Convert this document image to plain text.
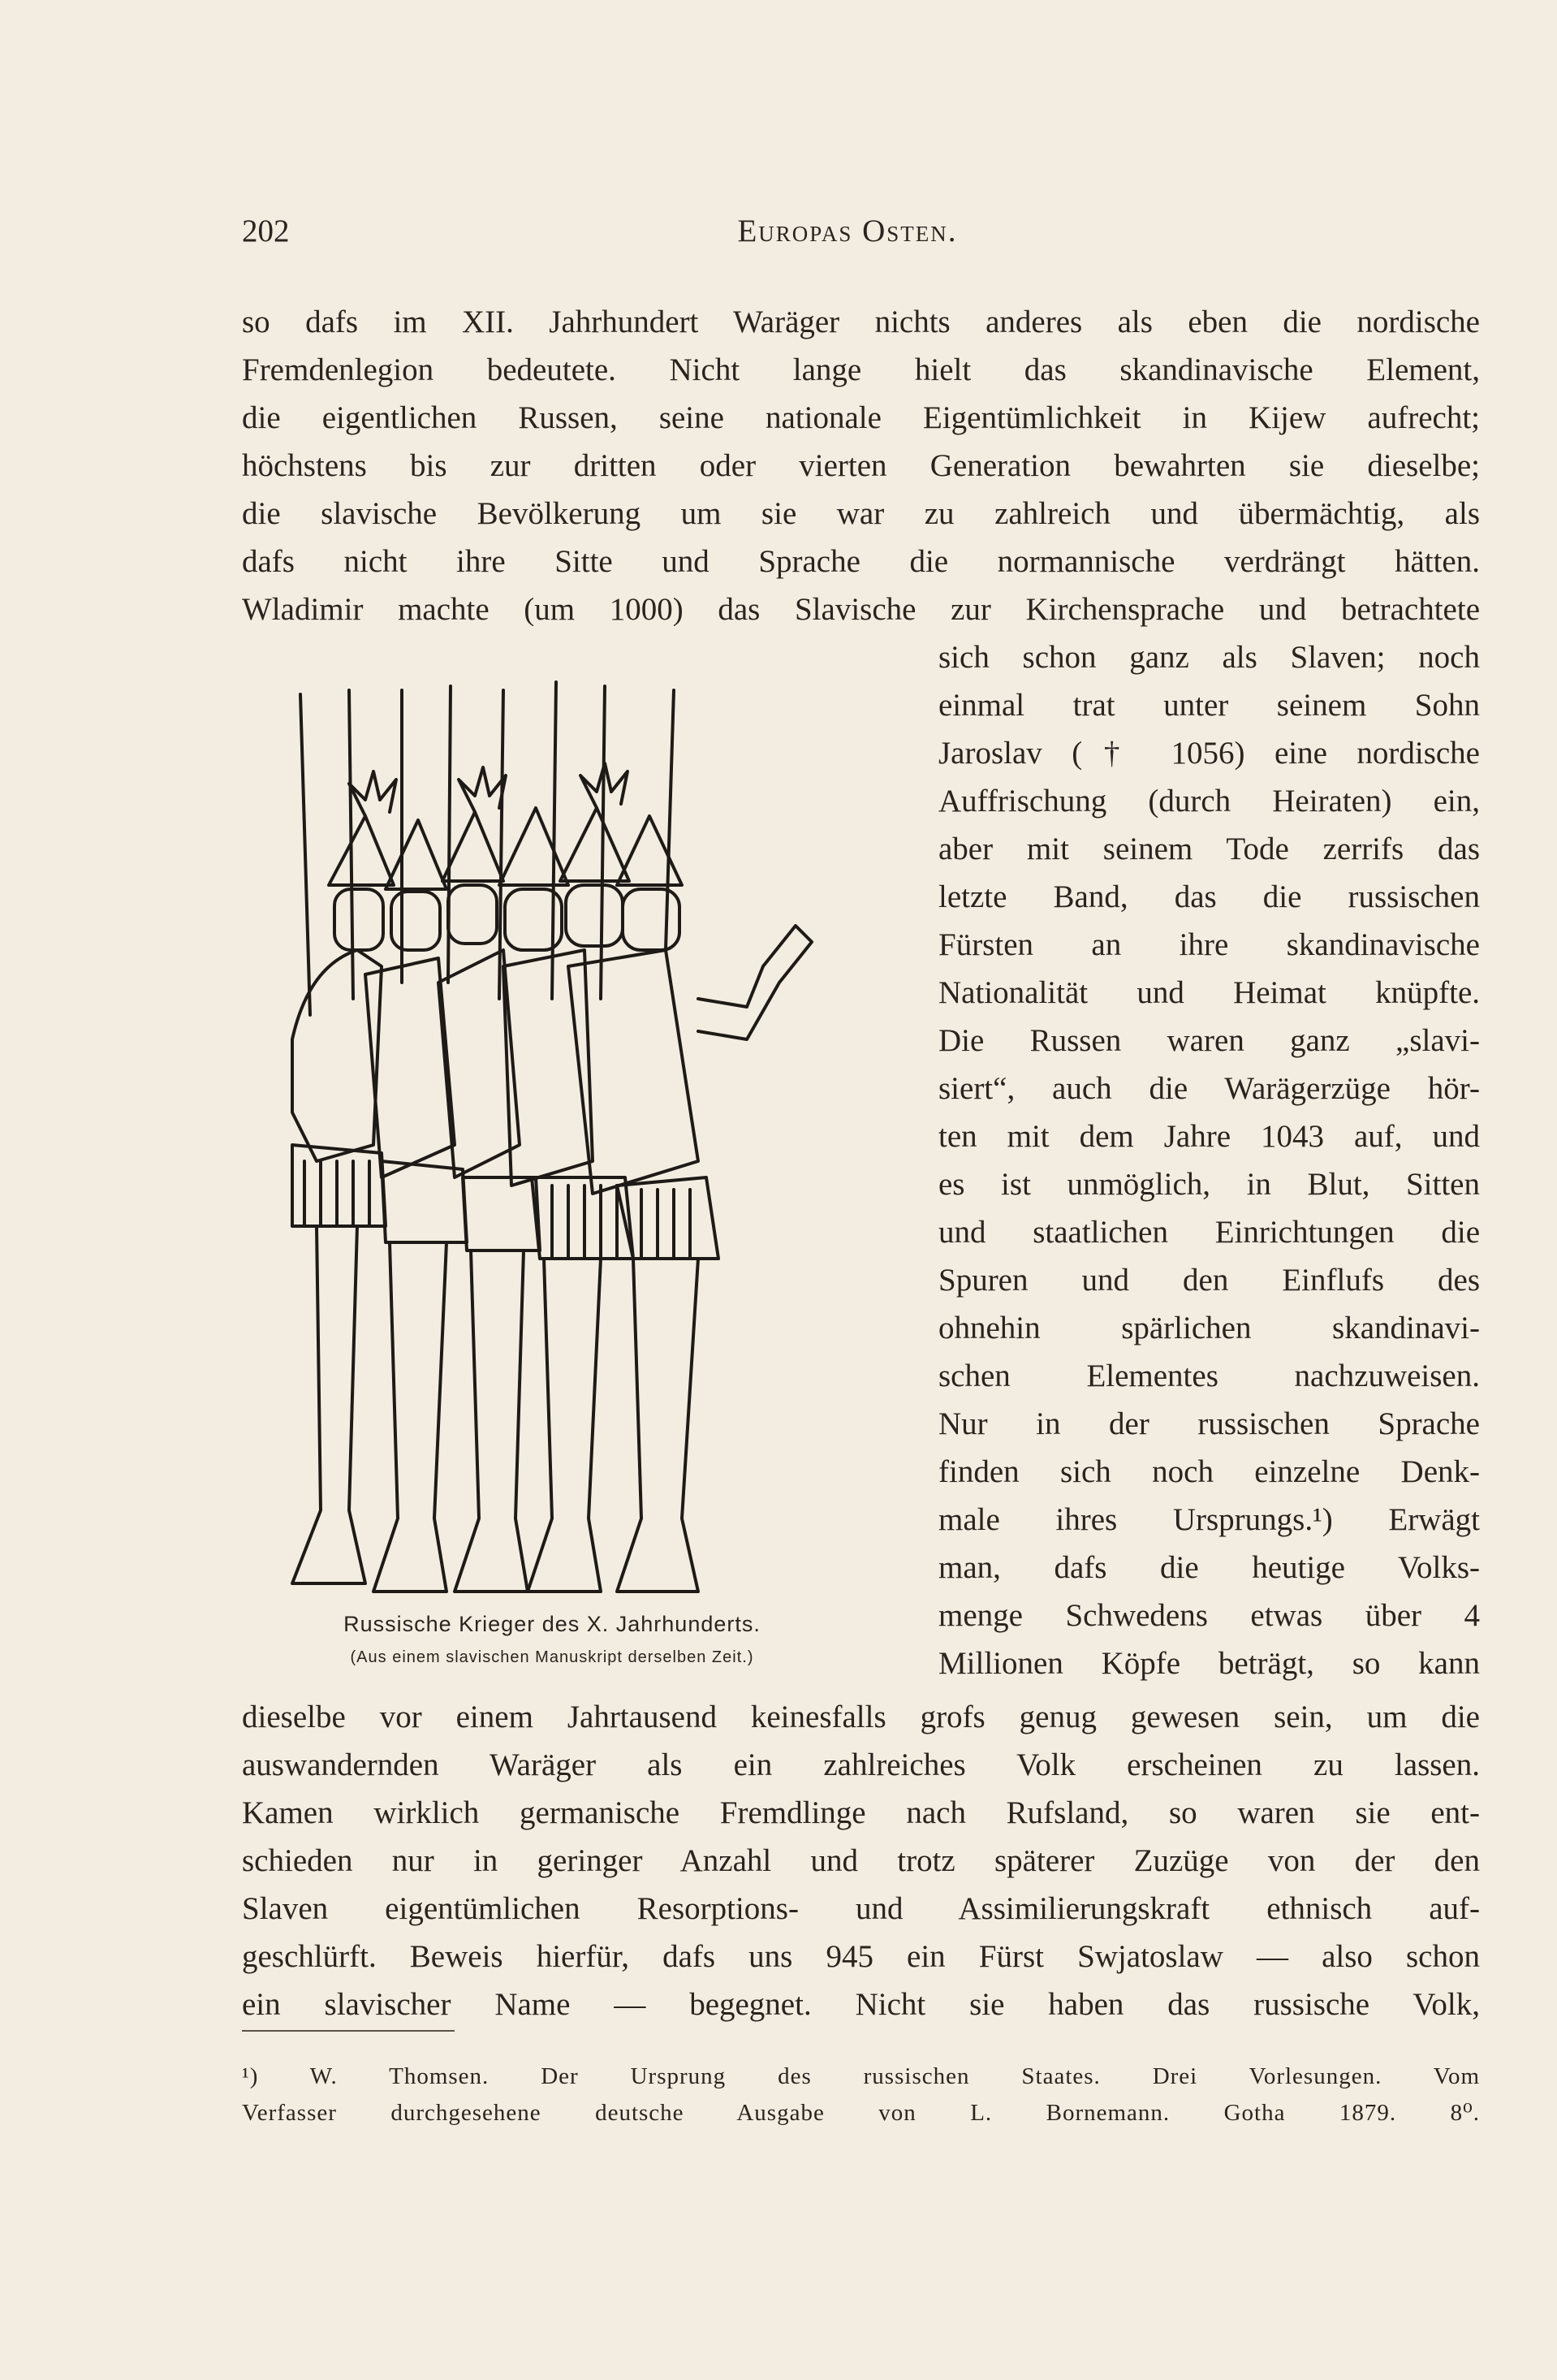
202	Europas Osten.
so dafs im XII. Jahrhundert Waräger nichts anderes als eben die nordische
Fremdenlegion bedeutete. Nicht lange hielt das skandinavische Element,
die eigentlichen Russen, seine nationale Eigentümlichkeit in Kijew aufrecht;
höchstens bis zur dritten oder vierten Generation bewahrten sie dieselbe;
die slavische Bevölkerung um sie war zu zahlreich und übermächtig, als
dafs nicht ihre Sitte und Sprache die normannische verdrängt hätten.
Wladimir machte (um 1000) das Slavische zur Kirchensprache und betrachtete
sich schon ganz als Slaven; noch
einmal trat unter seinem Sohn
Jaroslav († 1056) eine nordische
Auffrischung (durch Heiraten) ein,
aber mit seinem Tode zerrifs das
letzte Band, das die russischen
Fürsten an ihre skandinavische
Nationalität und Heimat knüpfte.
Die Russen waren ganz „slavi-
siert“, auch die Warägerzüge hör-
ten mit dem Jahre 1043 auf, und
es ist unmöglich, in Blut, Sitten
und staatlichen Einrichtungen die
Spuren und den Einflufs des
ohnehin spärlichen skandinavi-
schen Elementes nachzuweisen.
Nur in der russischen Sprache
finden sich noch einzelne Denk-
male ihres Ursprungs.¹) Erwägt
man, dafs die heutige Volks-
menge Schwedens etwas über 4
Millionen Köpfe beträgt, so kann
Russische Krieger des X. Jahrhunderts.
(Aus einem slavischen Manuskript derselben Zeit.)
dieselbe vor einem Jahrtausend keinesfalls grofs genug gewesen sein, um die
auswandernden Waräger als ein zahlreiches Volk erscheinen zu lassen.
Kamen wirklich germanische Fremdlinge nach Rufsland, so waren sie ent-
schieden nur in geringer Anzahl und trotz späterer Zuzüge von der den
Slaven eigentümlichen Resorptions- und Assimilierungskraft ethnisch auf-
geschlürft. Beweis hierfür, dafs uns 945 ein Fürst Swjatoslaw — also schon
ein slavischer Name — begegnet. Nicht sie haben das russische Volk,
¹) W. Thomsen. Der Ursprung des russischen Staates. Drei Vorlesungen. Vom
Verfasser durchgesehene deutsche Ausgabe von L. Bornemann. Gotha 1879. 8⁰.
